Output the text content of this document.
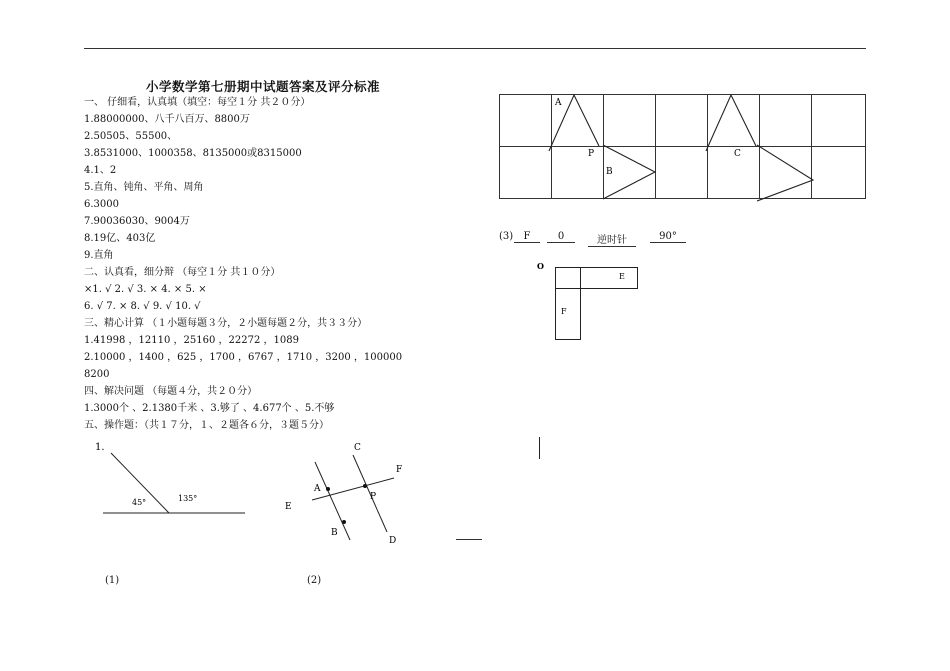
小学数学第七册期中试题答案及评分标准
一、 仔细看，认真填（填空：每空１分 共２０分）
1.88000000、八千八百万、8800万
2.50505、55500、
3.8531000、1000358、8135000或8315000
4.1、2
5.直角、钝角、平角、周角
6.3000
7.90036030、9004万
8.19亿、403亿
9.直角
二、认真看，细分辩 （每空１分 共１０分）
×1. √ 2. √ 3. × 4. × 5. ×
6. √ 7. × 8. √ 9. √ 10. √
三、精心计算 （１小题每题３分，２小题每题２分，共３３分）
1.41998 ，12110 ，25160 ，22272 ，1089
2.10000 ，1400 ，625 ，1700 ，6767 ，1710 ，3200 ，100000
8200
四、解决问题 （每题４分，共２０分）
1.3000个 、2.1380千米 、3.够了 、4.677个 、5.不够
五、操作题：（共１７分，１、２题各６分，３题５分）
1.
45°	135°
C
F
A
P
E
B
D
(1)	(2)
A
P
B
C
(3)	F	0	逆时针	90°
O
E
F
